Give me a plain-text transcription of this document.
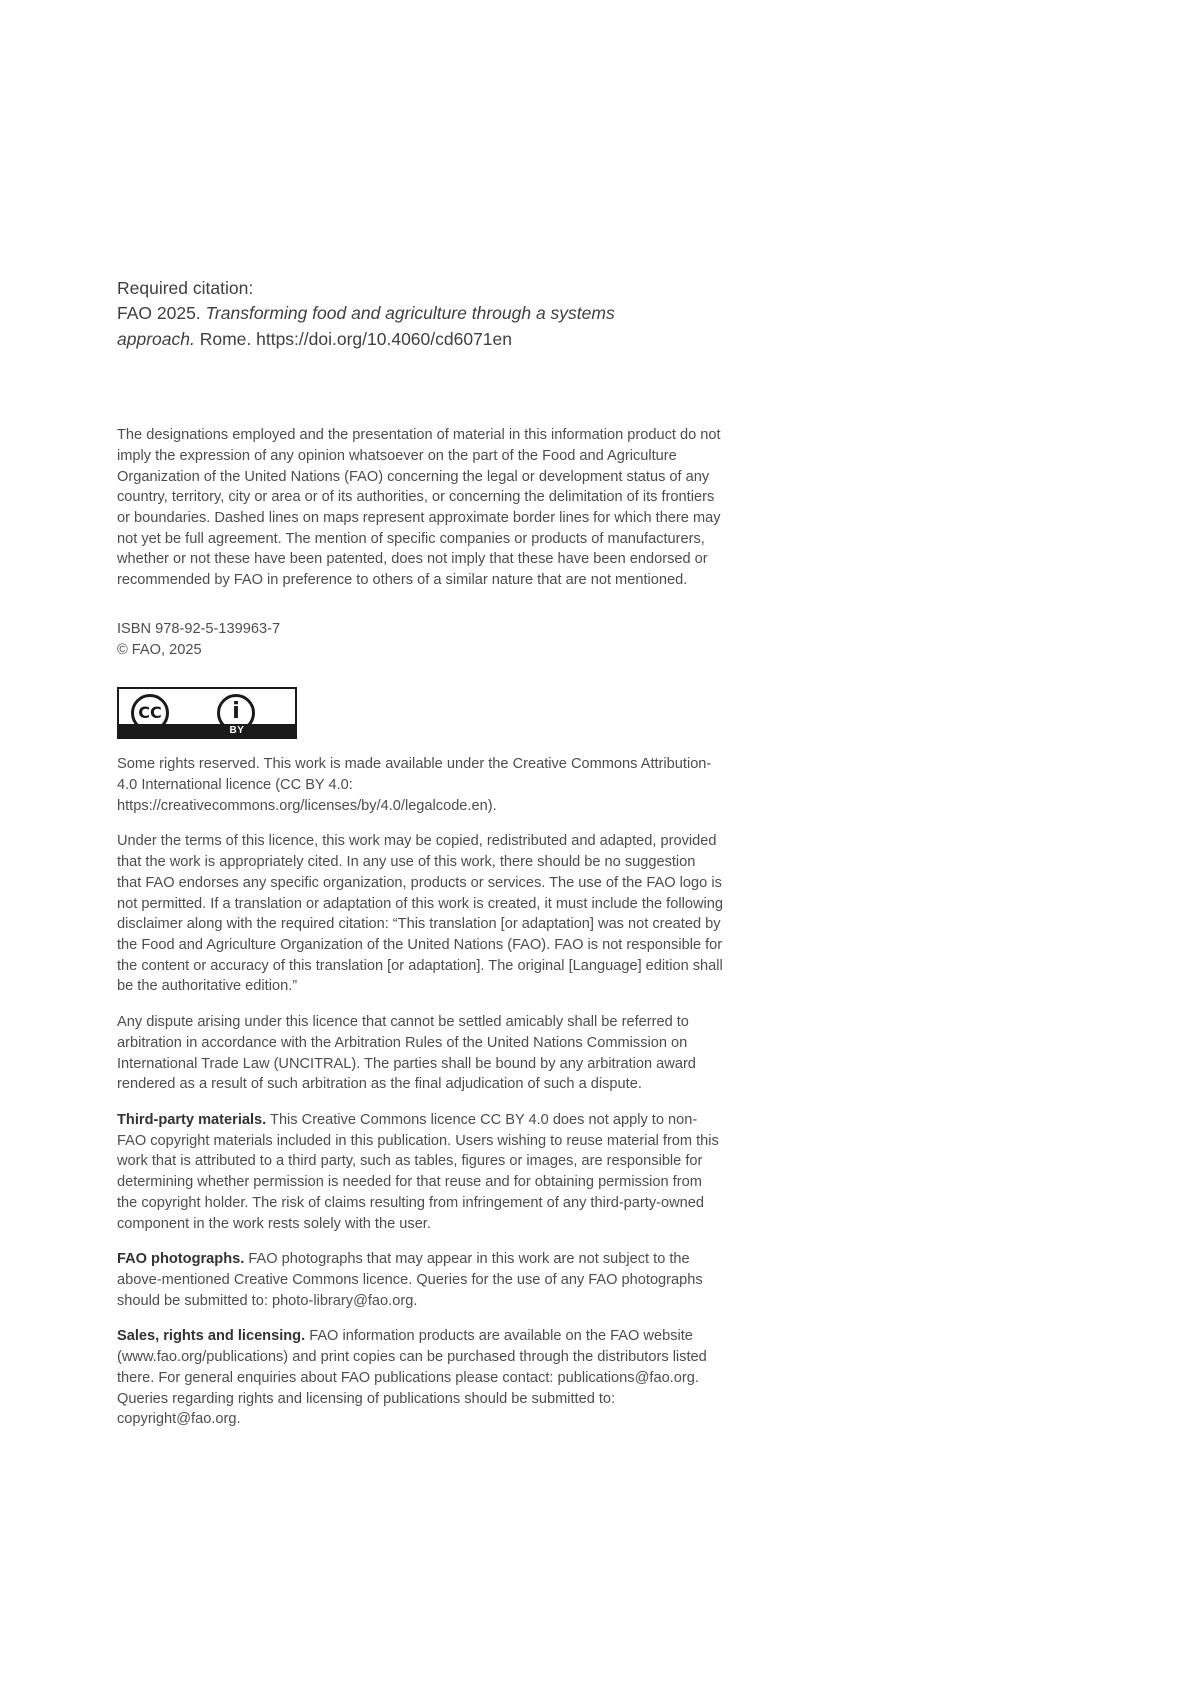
Required citation:
FAO 2025. Transforming food and agriculture through a systems
approach. Rome. https://doi.org/10.4060/cd6071en

The designations employed and the presentation of material in this information product do not imply the expression of any opinion whatsoever on the part of the Food and Agriculture Organization of the United Nations (FAO) concerning the legal or development status of any country, territory, city or area or of its authorities, or concerning the delimitation of its frontiers or boundaries. Dashed lines on maps represent approximate border lines for which there may not yet be full agreement. The mention of specific companies or products of manufacturers, whether or not these have been patented, does not imply that these have been endorsed or recommended by FAO in preference to others of a similar nature that are not mentioned.

ISBN 978-92-5-139963-7
© FAO, 2025
CC	i
BY

Some rights reserved. This work is made available under the Creative Commons Attribution- 4.0 International licence (CC BY 4.0: https://creativecommons.org/licenses/by/4.0/legalcode.en).

Under the terms of this licence, this work may be copied, redistributed and adapted, provided that the work is appropriately cited. In any use of this work, there should be no suggestion that FAO endorses any specific organization, products or services. The use of the FAO logo is not permitted. If a translation or adaptation of this work is created, it must include the following disclaimer along with the required citation: “This translation [or adaptation] was not created by the Food and Agriculture Organization of the United Nations (FAO). FAO is not responsible for the content or accuracy of this translation [or adaptation]. The original [Language] edition shall be the authoritative edition.”

Any dispute arising under this licence that cannot be settled amicably shall be referred to arbitration in accordance with the Arbitration Rules of the United Nations Commission on International Trade Law (UNCITRAL). The parties shall be bound by any arbitration award rendered as a result of such arbitration as the final adjudication of such a dispute.

Third-party materials. This Creative Commons licence CC BY 4.0 does not apply to non-FAO copyright materials included in this publication. Users wishing to reuse material from this work that is attributed to a third party, such as tables, figures or images, are responsible for determining whether permission is needed for that reuse and for obtaining permission from the copyright holder. The risk of claims resulting from infringement of any third-party-owned component in the work rests solely with the user.

FAO photographs. FAO photographs that may appear in this work are not subject to the above-mentioned Creative Commons licence. Queries for the use of any FAO photographs should be submitted to: photo-library@fao.org.

Sales, rights and licensing. FAO information products are available on the FAO website (www.fao.org/publications) and print copies can be purchased through the distributors listed there. For general enquiries about FAO publications please contact: publications@fao.org. Queries regarding rights and licensing of publications should be submitted to: copyright@fao.org.
